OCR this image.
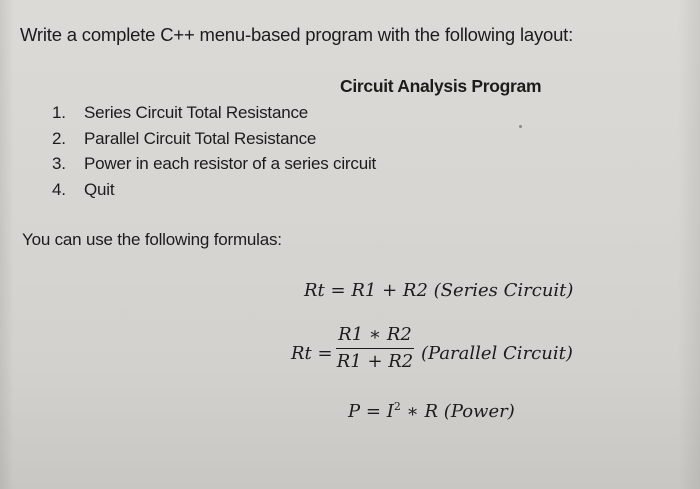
Write a complete C++ menu-based program with the following layout:
Circuit Analysis Program
1. Series Circuit Total Resistance
2. Parallel Circuit Total Resistance
3. Power in each resistor of a series circuit
4. Quit
You can use the following formulas:
Rt = R1 + R2 (Series Circuit)
$Rt = \frac{R1 ∗ R2}{R1 + R2}$ (Parallel Circuit)
$P = I^2$ ∗ R (Power)
